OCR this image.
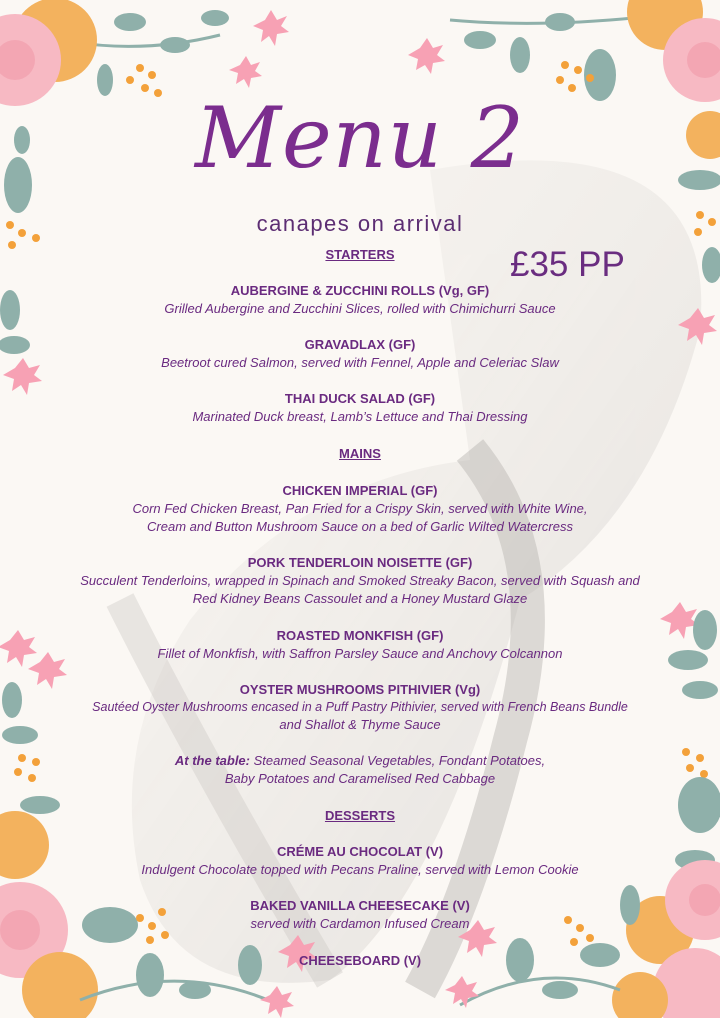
Menu 2
canapes on arrival
£35 PP
STARTERS
AUBERGINE & ZUCCHINI ROLLS (Vg, GF)
Grilled Aubergine and Zucchini Slices, rolled with Chimichurri Sauce
GRAVADLAX (GF)
Beetroot cured Salmon, served with Fennel, Apple and Celeriac Slaw
THAI DUCK SALAD (GF)
Marinated Duck breast, Lamb’s Lettuce and Thai Dressing
MAINS
CHICKEN IMPERIAL (GF)
Corn Fed Chicken Breast, Pan Fried for a Crispy Skin, served with White Wine,
Cream and Button Mushroom Sauce on a bed of Garlic Wilted Watercress
PORK TENDERLOIN NOISETTE (GF)
Succulent Tenderloins, wrapped in Spinach and Smoked Streaky Bacon, served with Squash and
Red Kidney Beans Cassoulet and a Honey Mustard Glaze
ROASTED MONKFISH (GF)
Fillet of Monkfish, with Saffron Parsley Sauce and Anchovy Colcannon
OYSTER MUSHROOMS PITHIVIER (Vg)
Sautéed Oyster Mushrooms encased in a Puff Pastry Pithivier, served with French Beans Bundle
and Shallot & Thyme Sauce
At the table: Steamed Seasonal Vegetables, Fondant Potatoes,
Baby Potatoes and Caramelised Red Cabbage
DESSERTS
CRÉME AU CHOCOLAT (V)
Indulgent Chocolate topped with Pecans Praline, served with Lemon Cookie
BAKED VANILLA CHEESECAKE (V)
served with Cardamon Infused Cream
CHEESEBOARD (V)
